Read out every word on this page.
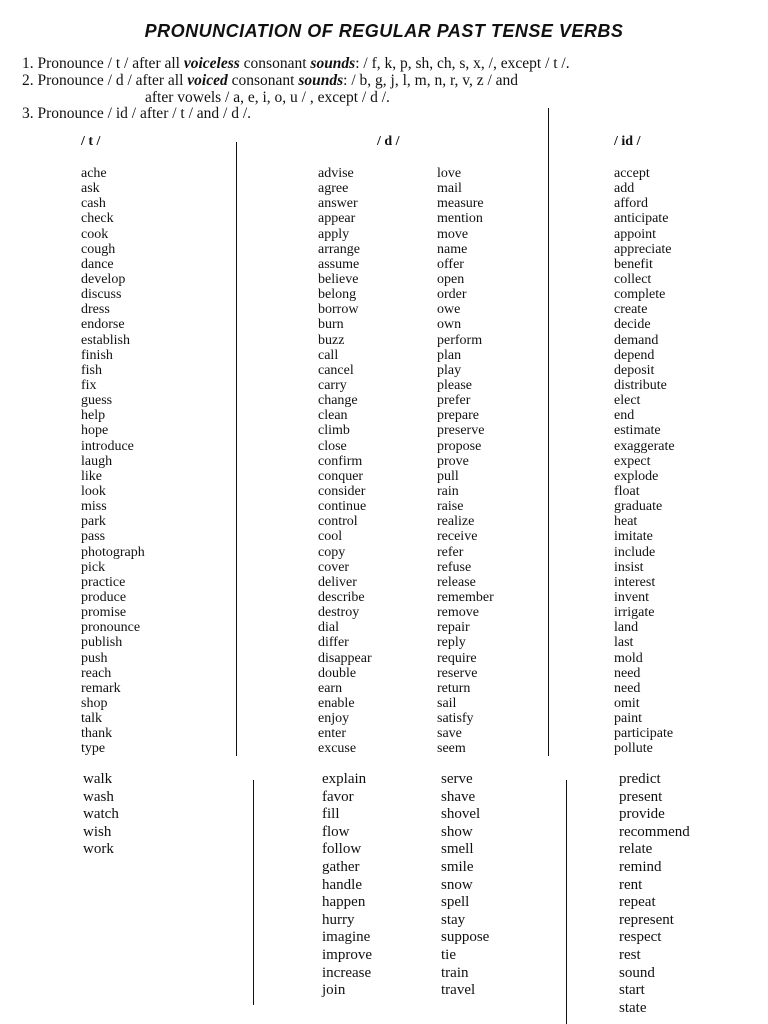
PRONUNCIATION OF REGULAR PAST TENSE VERBS
1. Pronounce / t / after all voiceless consonant sounds: / f, k, p, sh, ch, s, x, /, except / t /.
2. Pronounce / d / after all voiced consonant sounds: / b, g, j, l, m, n, r, v, z / and
after vowels / a, e, i, o, u / , except / d /.
3. Pronounce / id / after / t / and / d /.
/ t /	/ d /	/ id /
ache
ask
cash
check
cook
cough
dance
develop
discuss
dress
endorse
establish
finish
fish
fix
guess
help
hope
introduce
laugh
like
look
miss
park
pass
photograph
pick
practice
produce
promise
pronounce
publish
push
reach
remark
shop
talk
thank
type
advise
agree
answer
appear
apply
arrange
assume
believe
belong
borrow
burn
buzz
call
cancel
carry
change
clean
climb
close
confirm
conquer
consider
continue
control
cool
copy
cover
deliver
describe
destroy
dial
differ
disappear
double
earn
enable
enjoy
enter
excuse
love
mail
measure
mention
move
name
offer
open
order
owe
own
perform
plan
play
please
prefer
prepare
preserve
propose
prove
pull
rain
raise
realize
receive
refer
refuse
release
remember
remove
repair
reply
require
reserve
return
sail
satisfy
save
seem
accept
add
afford
anticipate
appoint
appreciate
benefit
collect
complete
create
decide
demand
depend
deposit
distribute
elect
end
estimate
exaggerate
expect
explode
float
graduate
heat
imitate
include
insist
interest
invent
irrigate
land
last
mold
need
need
omit
paint
participate
pollute
walk
wash
watch
wish
work
explain
favor
fill
flow
follow
gather
handle
happen
hurry
imagine
improve
increase
join
serve
shave
shovel
show
smell
smile
snow
spell
stay
suppose
tie
train
travel
predict
present
provide
recommend
relate
remind
rent
repeat
represent
respect
rest
sound
start
state
